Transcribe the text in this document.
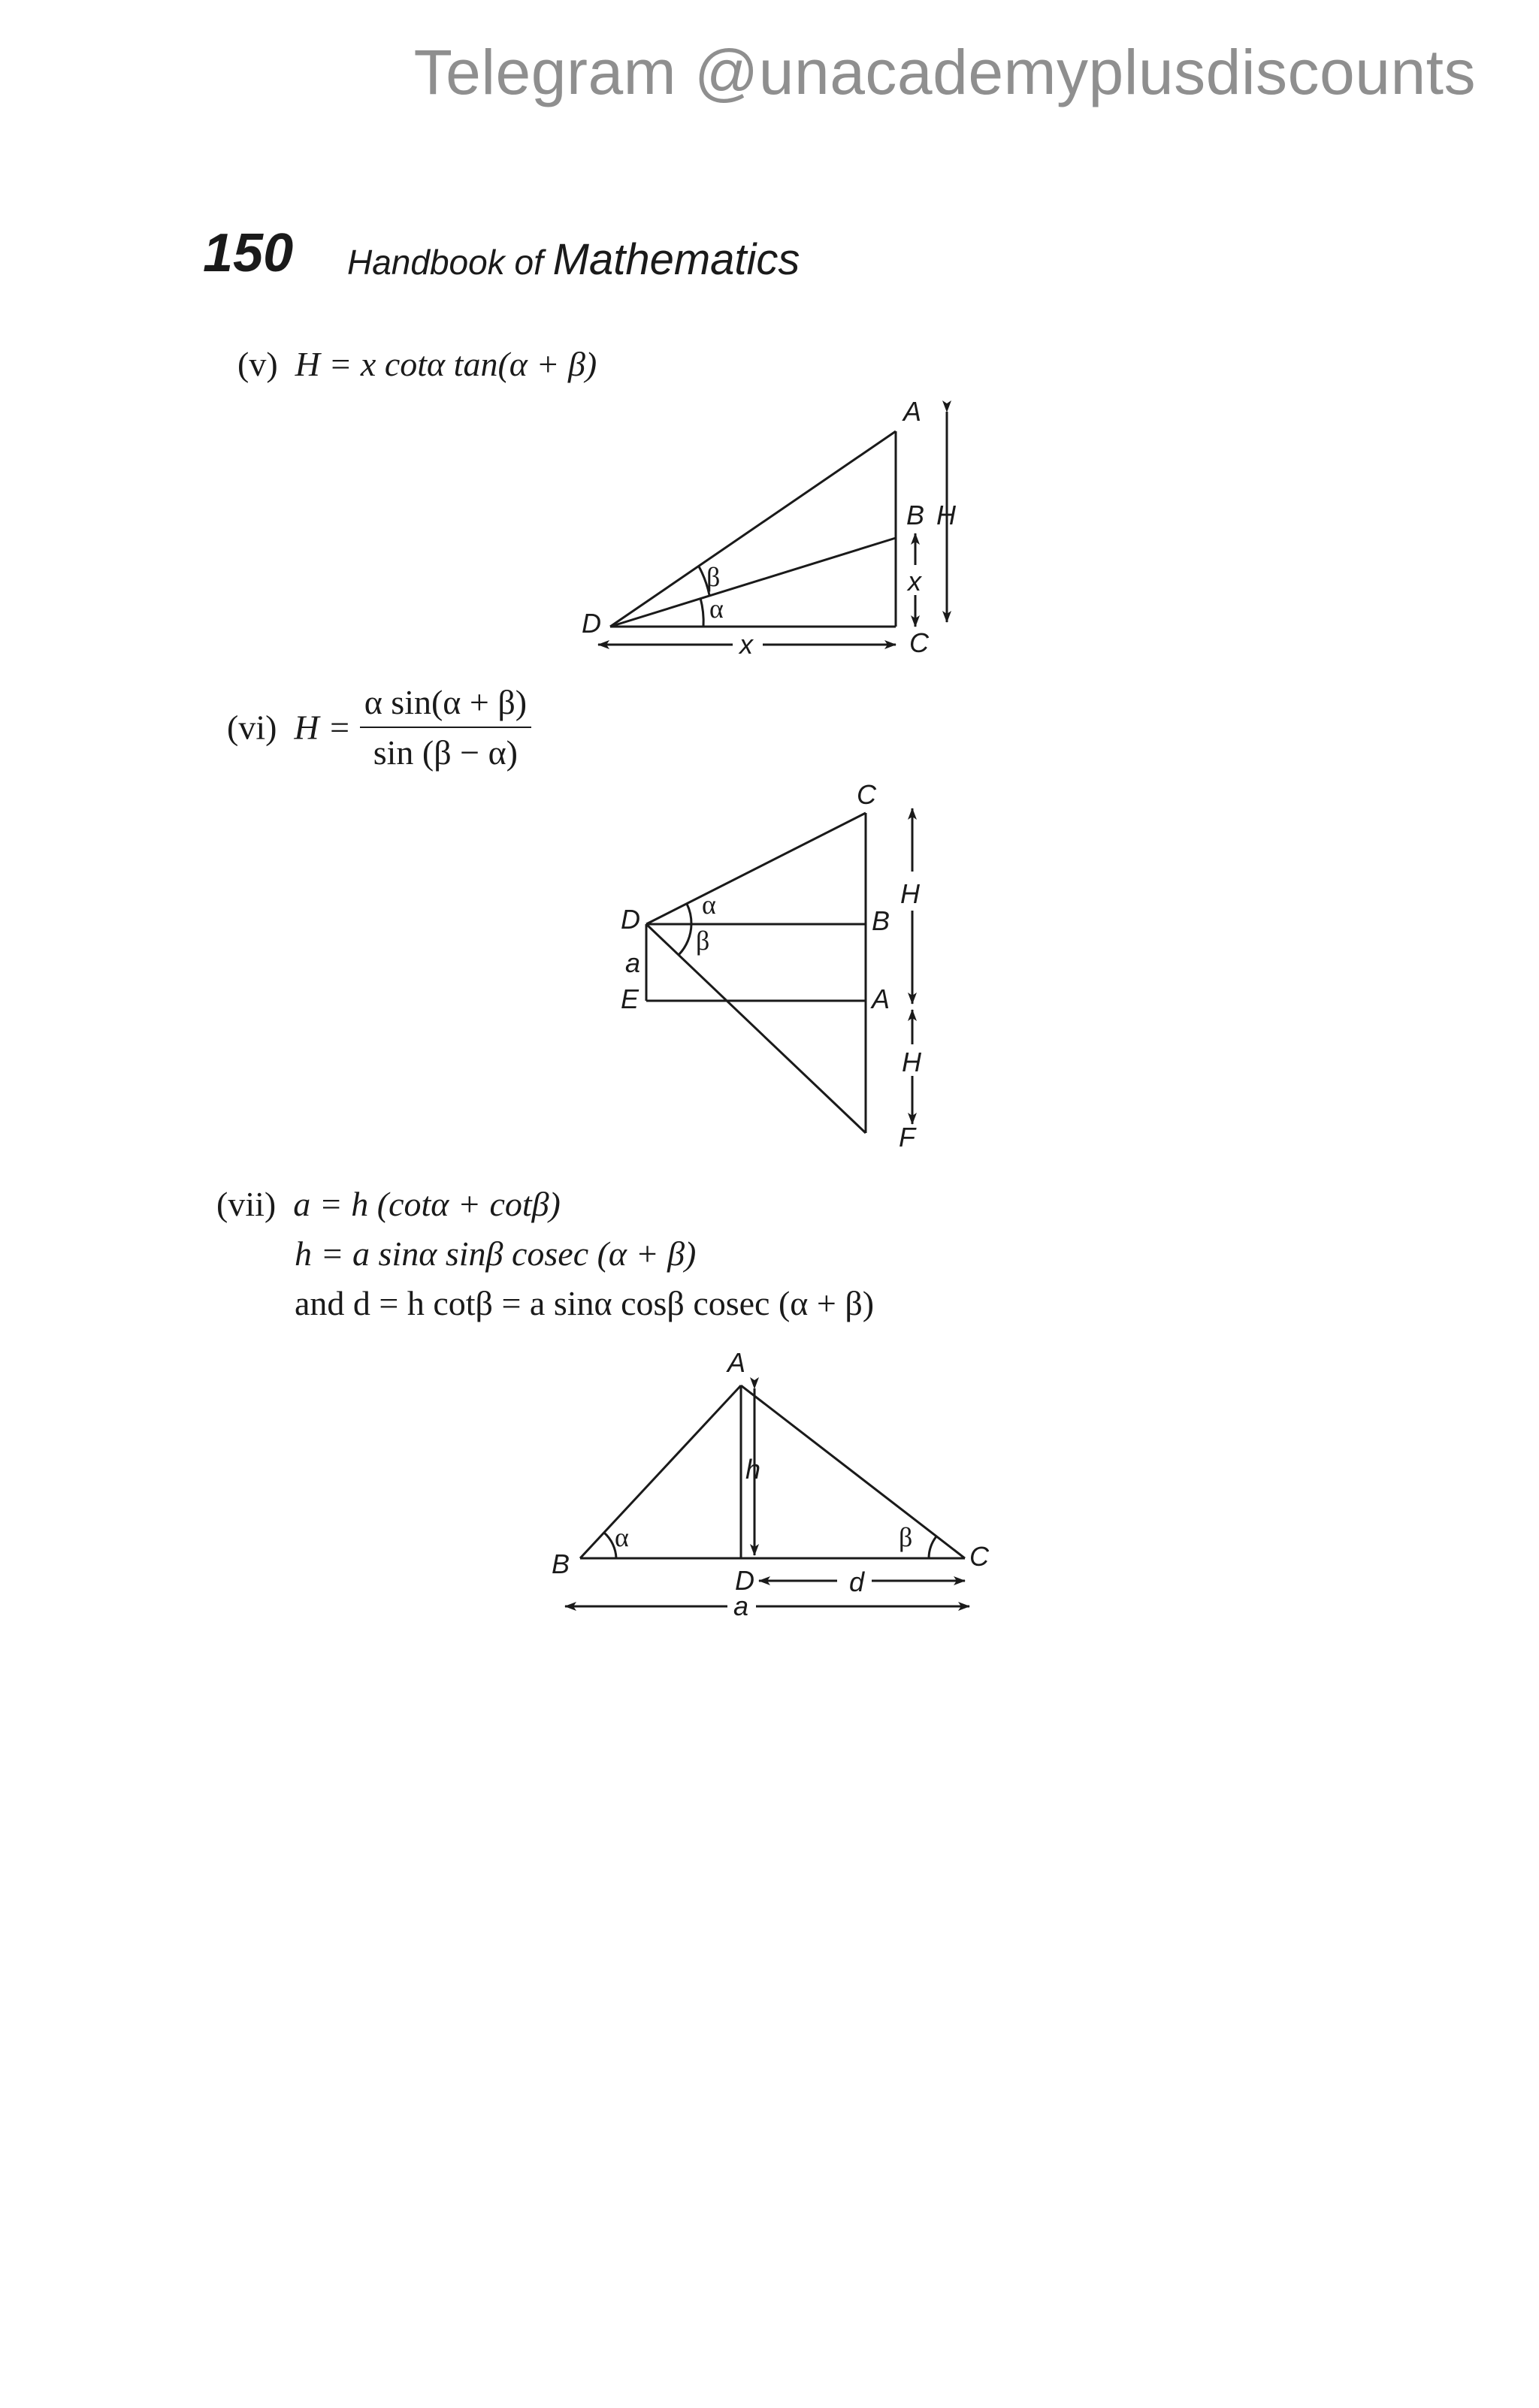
Telegram @unacademyplusdiscounts
150 Handbook of Mathematics
(v) H = x cotα tan(α + β)
(vi) $H = \frac{\text{α sin(α + β)}}{\sin (\beta - \alpha)}$
(vii) a = h (cotα + cotβ)
h = a sinα sinβ cosec (α + β)
and d = h cotβ = a sinα cosβ cosec (α + β)
A
B H
x
C
D
x
β
α
C
D	B
a
E	A
H
H
F
α
β
A
B	C
D
h
d
a
α	β
